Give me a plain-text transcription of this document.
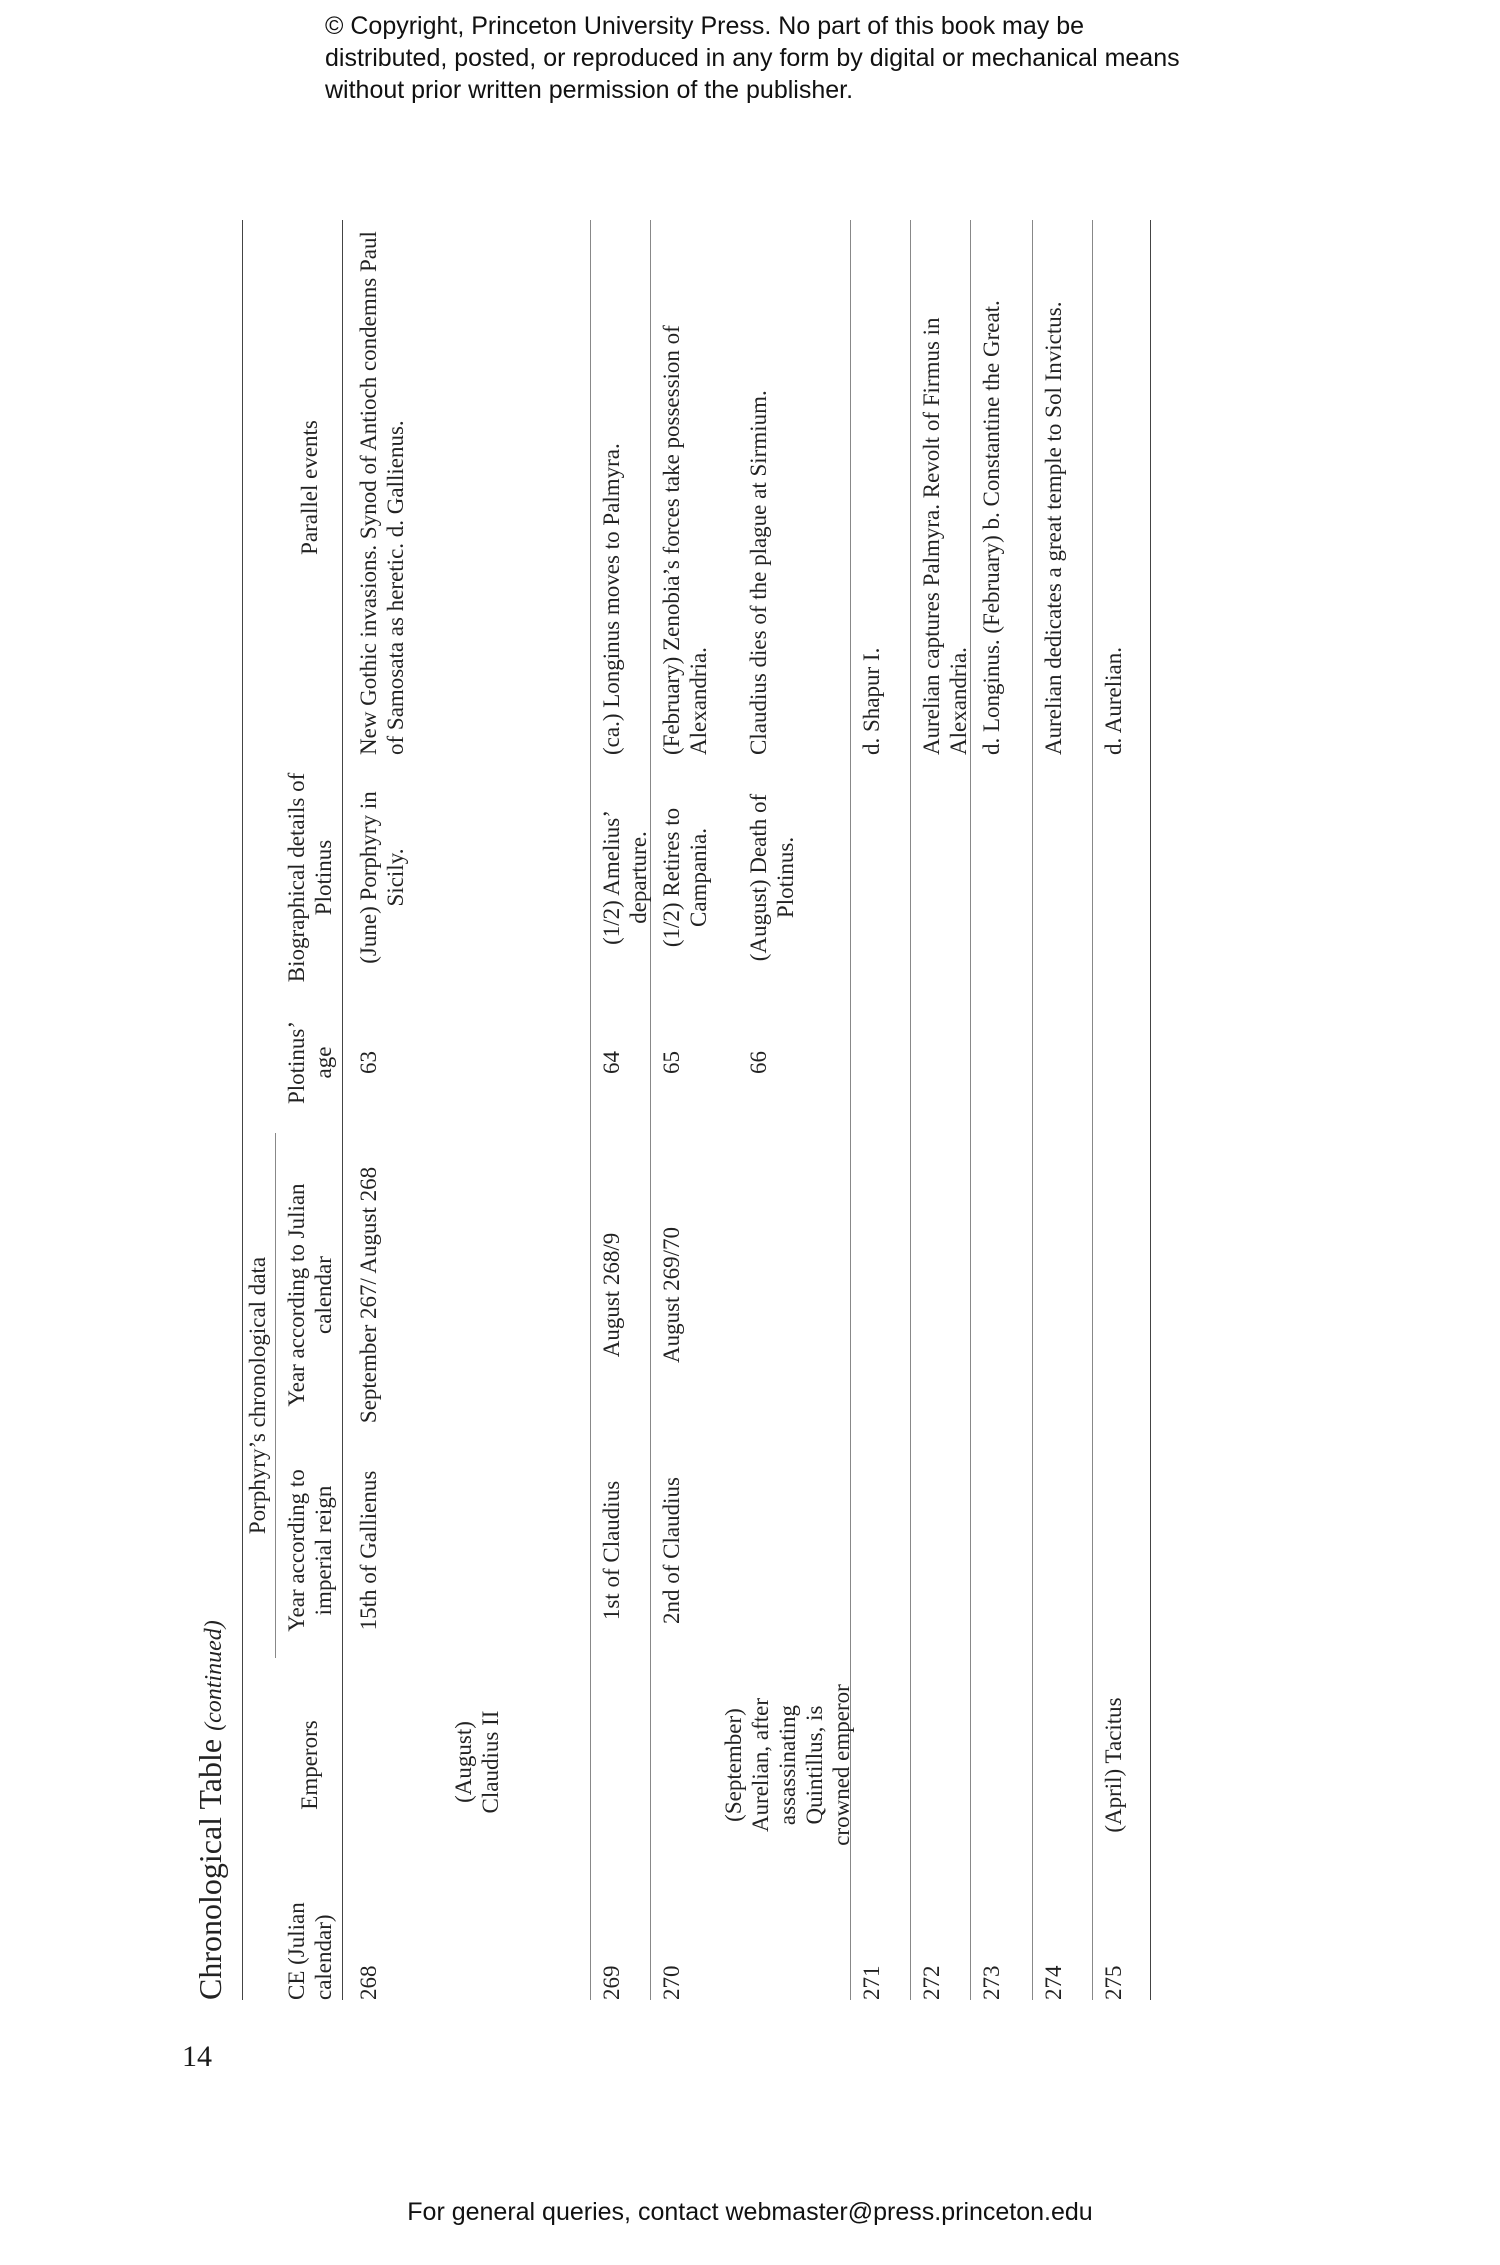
© Copyright, Princeton University Press. No part of this book may be distributed, posted, or reproduced in any form by digital or mechanical means without prior written permission of the publisher.
14
Chronological Table (continued)
Porphyry’s chronological data
CE (Julian calendar)
Emperors
Year according to imperial reign
Year according to Julian calendar
Plotinus’ age
Biographical details of Plotinus
Parallel events
268
(August) Claudius II
15th of Gallienus
September 267/ August 268
63
(June) Porphyry in Sicily.
New Gothic invasions. Synod of Antioch condemns Paul of Samosata as heretic. d. Gallienus.
269
1st of Claudius
August 268/9
64
(1/2) Amelius’ departure.
(ca.) Longinus moves to Palmyra.
270
(September) Aurelian, after assassinating Quintillus, is crowned emperor
2nd of Claudius
August 269/70
65
(1/2) Retires to Campania.
(February) Zenobia’s forces take possession of Alexandria.
66
(August) Death of Plotinus.
Claudius dies of the plague at Sirmium.
271
d. Shapur I.
272
Aurelian captures Palmyra. Revolt of Firmus in Alexandria.
273
d. Longinus. (February) b. Constantine the Great.
274
Aurelian dedicates a great temple to Sol Invictus.
275
(April) Tacitus
d. Aurelian.
For general queries, contact webmaster@press.princeton.edu
